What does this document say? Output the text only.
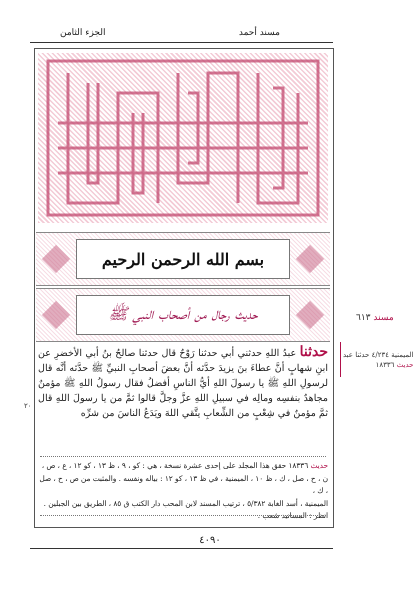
مسند أحمد
الجزء الثامن
بسم الله الرحمن الرحيم
حديث رجال من أصحاب النبي ﷺ
حدثنا عبدُ اللهِ حدثني أبي حدثنا رَوْحٌ قال حدثنا صالحُ بنُ أبي الأخضرِ عن ابنِ شهابٍ أنَّ عطاءَ بنَ يزيدَ حدَّثه أنَّ بعضَ أصحابِ النبيِّ ﷺ حدَّثه أنَّه قال لرسولِ اللهِ ﷺ يا رسولَ اللهِ أيُّ الناسِ أفضلُ فقال رسولُ اللهِ ﷺ مؤمنٌ مجاهدٌ بنفسِه ومالِه في سبيلِ اللهِ عزَّ وجلَّ قالوا ثمَّ من يا رسولَ اللهِ قال ثمَّ مؤمنٌ في شِعْبٍ من الشِّعابِ يتَّقي اللهَ ويَدَعُ الناسَ من شرِّه
حديث ١٨٣٣٦ حقق هذا المجلد على إحدى عشرة نسخة ، هي : كو ، ٩ ، ظ ١٣ ، كو ١٢ ، ع ، ص ،
ن ، ح ، صل ، ك ، ظ ١٠ ، الميمنية ، في ظ ١٣ ، كو ١٢ : بياله ونفسه . والمثبت من ص ، ح ، صل ، ك ،
الميمنية ، أسد الغابة ٥/٣٨٢ ، ترتيب المسند لابن المحب دار الكتب ق ٨٥ ، الطريق بين الجبلين .
انظر : المسانيد شعب .
مسند ٦١٣
الميمنية ٤/٢٣٤ حدثنا عبد
حديث ١٨٣٣٦
٢٠
٤٠٩٠
